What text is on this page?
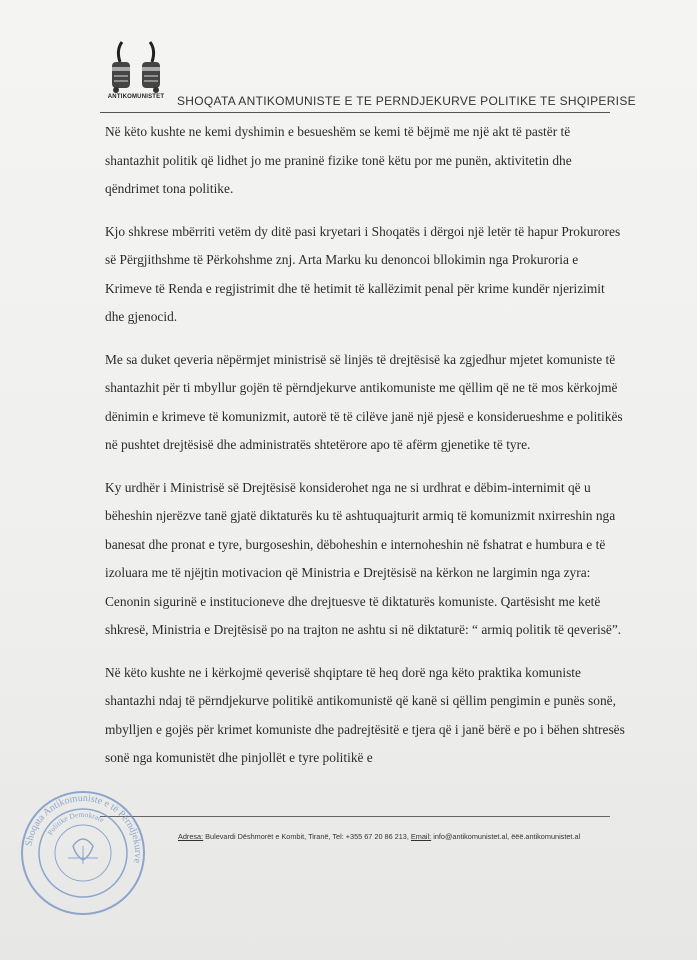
ANTIKOMUNISTET	SHOQATA ANTIKOMUNISTE E TE PERNDJEKURVE POLITIKE TE SHQIPERISE

Në këto kushte ne kemi dyshimin e besueshëm se kemi të bëjmë me një akt të pastër të shantazhit politik që lidhet jo me praninë fizike tonë këtu por me punën, aktivitetin dhe qëndrimet tona politike.

Kjo shkrese mbërriti vetëm dy ditë pasi kryetari i Shoqatës i dërgoi një letër të hapur Prokurores së Përgjithshme të Përkohshme znj. Arta Marku ku denoncoi bllokimin nga Prokuroria e Krimeve të Renda e regjistrimit dhe të hetimit të kallëzimit penal për krime kundër njerizimit dhe gjenocid.

Me sa duket qeveria nëpërmjet ministrisë së linjës të drejtësisë ka zgjedhur mjetet komuniste të shantazhit për ti mbyllur gojën të përndjekurve antikomuniste me qëllim që ne të mos kërkojmë dënimin e krimeve të komunizmit, autorë të të cilëve janë një pjesë e konsiderueshme e politikës në pushtet drejtësisë dhe administratës shtetërore apo të afërm gjenetike të tyre.

Ky urdhër i Ministrisë së Drejtësisë konsiderohet nga ne si urdhrat e dëbim-internimit që u bëheshin njerëzve tanë gjatë diktaturës ku të ashtuquajturit armiq të komunizmit nxirreshin nga banesat dhe pronat e tyre, burgoseshin, dëboheshin e internoheshin në fshatrat e humbura e të izoluara me të njëjtin motivacion që Ministria e Drejtësisë na kërkon ne largimin nga zyra: Cenonin sigurinë e institucioneve dhe drejtuesve të diktaturës komuniste. Qartësisht me ketë shkresë, Ministria e Drejtësisë po na trajton ne ashtu si në diktaturë: “ armiq politik të qeverisë”.

Në këto kushte ne i kërkojmë qeverisë shqiptare të heq dorë nga këto praktika komuniste shantazhi ndaj të përndjekurve politikë antikomunistë që kanë si qëllim pengimin e punës sonë, mbylljen e gojës për krimet komuniste dhe padrejtësitë e tjera që i janë bërë e po i bëhen shtresës sonë nga komunistët dhe pinjollët e tyre politikë e

Adresa: Bulevardi Dëshmorët e Kombit, Tiranë, Tel: +355 67 20 86 213, Email: info@antikomunistet.al, ëëë.antikomunistet.al
Shoqata Antikomuniste e të Përndjekurve
Politike Demokrate
